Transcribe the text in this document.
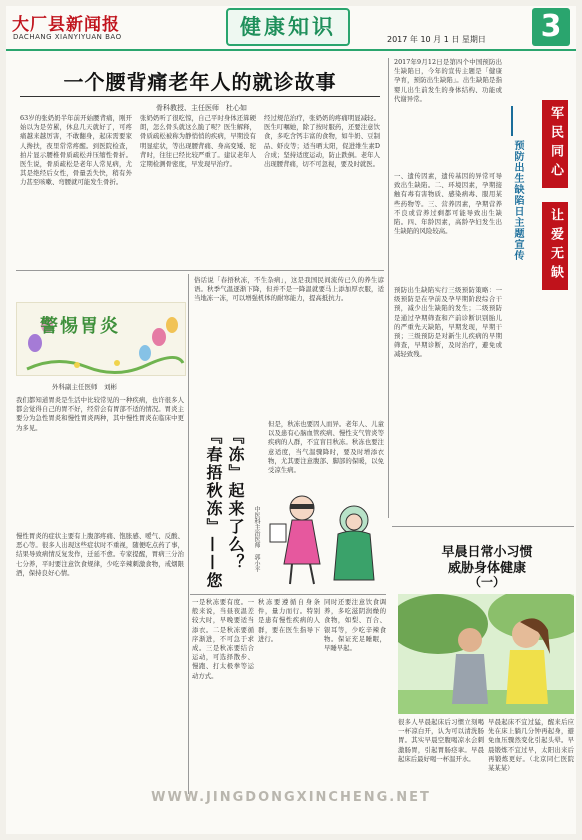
大厂县新闻报
DACHANG XIANYIYUAN BAO	健康知识
2017 年 10 月 1 日 星期日 3
一个腰背痛老年人的就诊故事
骨科教授、主任医师　杜心如
63岁的张奶奶半年前开始腰背痛，刚开始以为是劳累，休息几天就好了，可疼痛越来越厉害，不敢翻身，起床需要家人搀扶，夜里常常疼醒。到医院检查，拍片显示腰椎骨质疏松并压缩性骨折。医生说，骨质疏松是老年人常见病，尤其是绝经后女性，骨量丢失快，稍有外力甚至咳嗽、弯腰就可能发生骨折。
张奶奶听了很吃惊，自己平时身体还算硬朗，怎么骨头就这么脆了呢？医生解释，骨质疏松被称为静悄悄的疾病，早期没有明显症状，等出现腰背痛、身高变矮、驼背时，往往已经比较严重了。建议老年人定期检测骨密度，早发现早治疗。
经过规范治疗，张奶奶的疼痛明显减轻。医生叮嘱她，除了按时服药，还要注意饮食，多吃含钙丰富的食物，如牛奶、豆制品、虾皮等；适当晒太阳，促进维生素D合成；坚持适度运动，防止跌倒。老年人出现腰背痛，切不可忽视，要及时就医。
警惕胃炎
外科副主任医师　刘彬
我们都知道胃炎是生活中比较常见的一种疾病，也许很多人都会觉得自己的胃不好，经常会有胃部不适的情况。胃炎主要分为急性胃炎和慢性胃炎两种，其中慢性胃炎在临床中更为多见。
慢性胃炎的症状主要有上腹部疼痛、饱胀感、嗳气、反酸、恶心等。很多人出现这些症状时不重视，随便吃点药了事，结果导致病情反复发作，迁延不愈。专家提醒，胃病三分治七分养，平时要注意饮食规律，少吃辛辣刺激食物，戒烟限酒，保持良好心情。
俗话说「春捂秋冻，不生杂病」，这是我国民间流传已久的养生谚语。秋季气温逐渐下降，但并不是一降温就要马上添加厚衣服，适当地冻一冻，可以增强机体的耐寒能力，提高抵抗力。
但是，秋冻也要因人而异。老年人、儿童以及患有心脑血管疾病、慢性支气管炎等疾病的人群，不宜盲目秋冻。秋冻也要注意适度，当气温骤降时，要及时增添衣物，尤其要注意腹部、脚部的保暖，以免受凉生病。
『冻』起来了么？
『春捂秋冻』——您	中医科主治医师　郭小平
一是秋冻要有度。一般来说，当昼夜温差较大时，早晚要适当添衣。二是秋冻要循序渐进，不可急于求成。三是秋冻要结合运动，可选择散步、慢跑、打太极拳等运动方式。
秋冻要遵循自身条件，量力而行。特别是患有慢性疾病的人群，要在医生指导下进行。
同时还要注意饮食调养，多吃滋阴润燥的食物，如梨、百合、银耳等，少吃辛辣食物。保证充足睡眠，早睡早起。
2017年9月12日是第四个中国预防出生缺陷日，今年的宣传主题是「健康孕育，预防出生缺陷」。出生缺陷是指婴儿出生前发生的身体结构、功能或代谢异常。
一、遗传因素，遗传基因的异常可导致出生缺陷。二、环境因素，孕期接触有毒有害物质、感染病毒、服用某些药物等。三、营养因素，孕期营养不良或营养过剩都可能导致出生缺陷。四、年龄因素，高龄孕妇发生出生缺陷的风险较高。
预防出生缺陷实行三级预防策略：一级预防是在孕前及孕早期阶段综合干预，减少出生缺陷的发生；二级预防是通过孕期筛查和产前诊断识别胎儿的严重先天缺陷，早期发现，早期干预；三级预防是对新生儿疾病的早期筛查，早期诊断，及时治疗，避免或减轻致残。
预防出生缺陷日主题宣传	军民同心
让爱无缺
早晨日常小习惯
威胁身体健康
（一）
很多人早晨起床后习惯立刻喝一杯凉白开，认为可以清洗肠胃。其实早晨空腹喝凉水会刺激肠胃，引起胃肠痉挛。早晨起床后最好喝一杯温开水。
早晨起床不宜过猛，醒来后应先在床上躺几分钟再起身，避免血压骤然变化引起头晕。早晨锻炼不宜过早，太阳出来后再锻炼更好。（北京同仁医院 某某某）
WWW.JINGDONGXINCHENG.NET
